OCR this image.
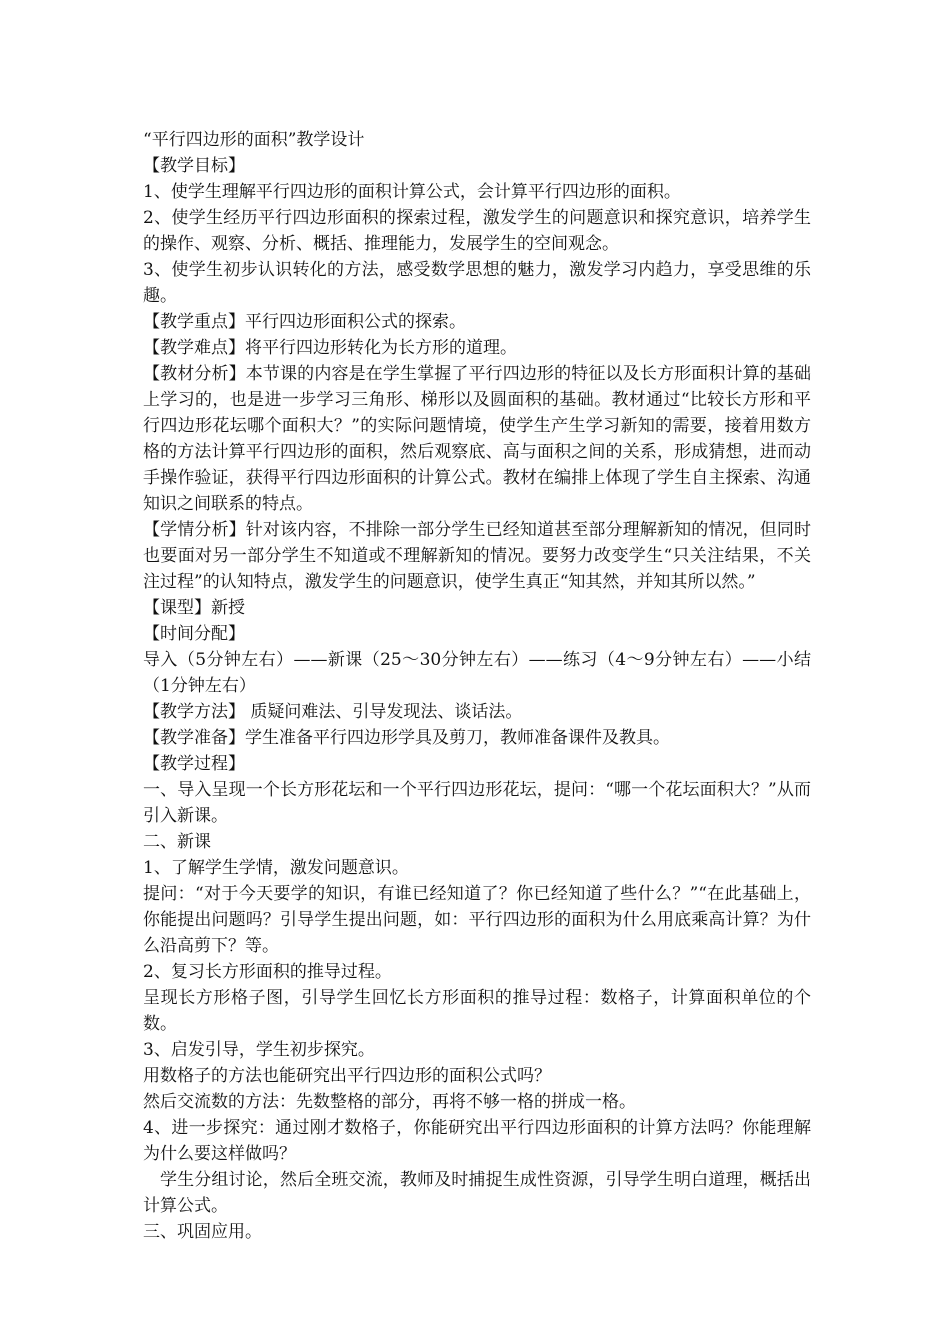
“平行四边形的面积”教学设计

【教学目标】

1、使学生理解平行四边形的面积计算公式，会计算平行四边形的面积。

2、使学生经历平行四边形面积的探索过程，激发学生的问题意识和探究意识，培养学生的操作、观察、分析、概括、推理能力，发展学生的空间观念。

3、使学生初步认识转化的方法，感受数学思想的魅力，激发学习内趋力，享受思维的乐趣。

【教学重点】平行四边形面积公式的探索。

【教学难点】将平行四边形转化为长方形的道理。

【教材分析】本节课的内容是在学生掌握了平行四边形的特征以及长方形面积计算的基础上学习的，也是进一步学习三角形、梯形以及圆面积的基础。教材通过“比较长方形和平行四边形花坛哪个面积大？”的实际问题情境，使学生产生学习新知的需要，接着用数方格的方法计算平行四边形的面积，然后观察底、高与面积之间的关系，形成猜想，进而动手操作验证，获得平行四边形面积的计算公式。教材在编排上体现了学生自主探索、沟通知识之间联系的特点。

【学情分析】针对该内容，不排除一部分学生已经知道甚至部分理解新知的情况，但同时也要面对另一部分学生不知道或不理解新知的情况。要努力改变学生“只关注结果，不关注过程”的认知特点，激发学生的问题意识，使学生真正“知其然，并知其所以然。”

【课型】新授

【时间分配】

导入（5分钟左右）——新课（25～30分钟左右）——练习（4～9分钟左右）——小结（1分钟左右）

【教学方法】 质疑问难法、引导发现法、谈话法。

【教学准备】学生准备平行四边形学具及剪刀，教师准备课件及教具。

【教学过程】

一、导入呈现一个长方形花坛和一个平行四边形花坛，提问：“哪一个花坛面积大？”从而引入新课。

二、新课

1、了解学生学情，激发问题意识。

提问：“对于今天要学的知识，有谁已经知道了？你已经知道了些什么？”“在此基础上，你能提出问题吗？引导学生提出问题，如：平行四边形的面积为什么用底乘高计算？为什么沿高剪下？等。

2、复习长方形面积的推导过程。

呈现长方形格子图，引导学生回忆长方形面积的推导过程：数格子，计算面积单位的个数。

3、启发引导，学生初步探究。

用数格子的方法也能研究出平行四边形的面积公式吗？

然后交流数的方法：先数整格的部分，再将不够一格的拼成一格。

4、进一步探究：通过刚才数格子，你能研究出平行四边形面积的计算方法吗？你能理解为什么要这样做吗？

学生分组讨论，然后全班交流，教师及时捕捉生成性资源，引导学生明白道理，概括出计算公式。

三、巩固应用。
